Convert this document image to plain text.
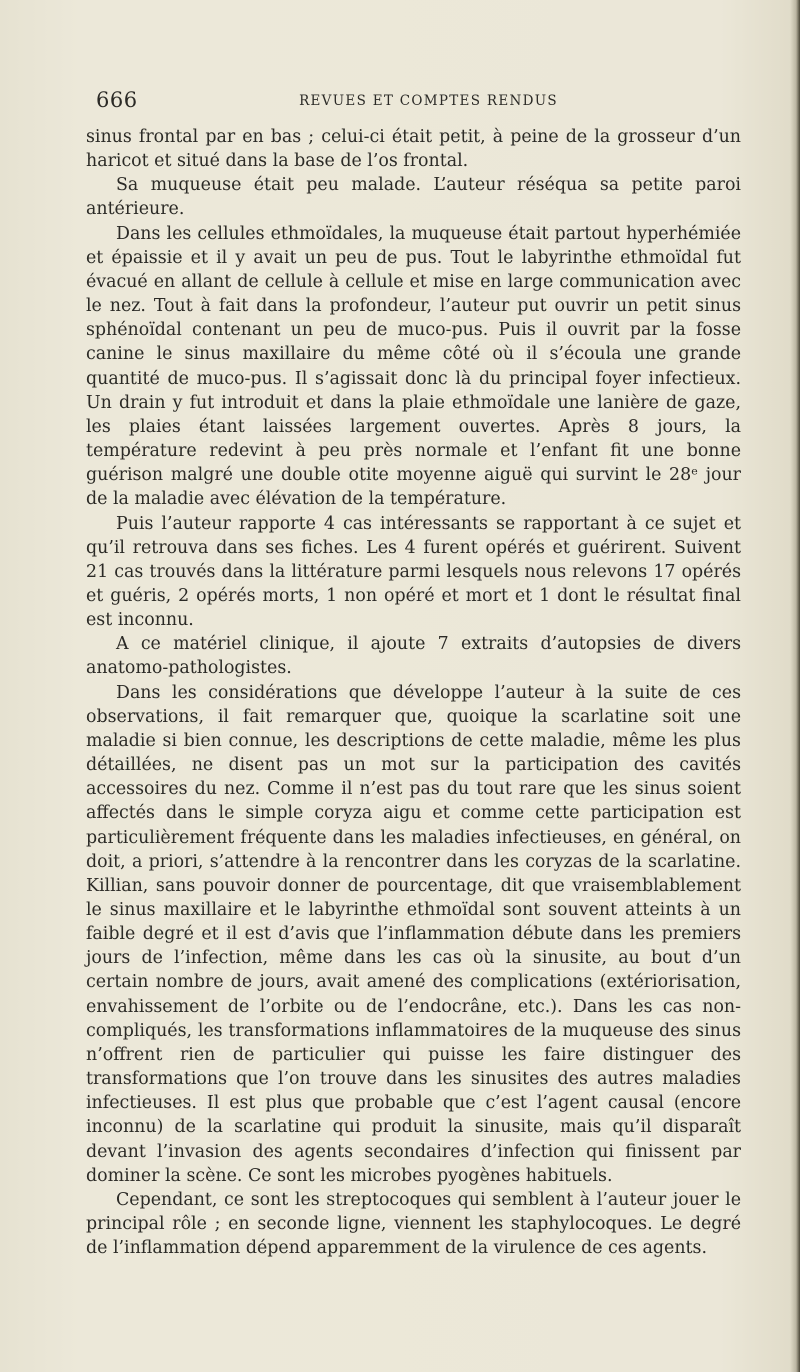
666	REVUES ET COMPTES RENDUS

sinus frontal par en bas ; celui-ci était petit, à peine de la grosseur d’un haricot et situé dans la base de l’os frontal.

Sa muqueuse était peu malade. L’auteur réséqua sa petite paroi antérieure.

Dans les cellules ethmoïdales, la muqueuse était partout hyperhémiée et épaissie et il y avait un peu de pus. Tout le labyrinthe ethmoïdal fut évacué en allant de cellule à cellule et mise en large communication avec le nez. Tout à fait dans la profondeur, l’auteur put ouvrir un petit sinus sphénoïdal contenant un peu de muco-pus. Puis il ouvrit par la fosse canine le sinus maxillaire du même côté où il s’écoula une grande quantité de muco-pus. Il s’agissait donc là du principal foyer infectieux. Un drain y fut introduit et dans la plaie ethmoïdale une lanière de gaze, les plaies étant laissées largement ouvertes. Après 8 jours, la température redevint à peu près normale et l’enfant fit une bonne guérison malgré une double otite moyenne aiguë qui survint le 28ᵉ jour de la maladie avec élévation de la température.

Puis l’auteur rapporte 4 cas intéressants se rapportant à ce sujet et qu’il retrouva dans ses fiches. Les 4 furent opérés et guérirent. Suivent 21 cas trouvés dans la littérature parmi lesquels nous relevons 17 opérés et guéris, 2 opérés morts, 1 non opéré et mort et 1 dont le résultat final est inconnu.

A ce matériel clinique, il ajoute 7 extraits d’autopsies de divers anatomo-pathologistes.

Dans les considérations que développe l’auteur à la suite de ces observations, il fait remarquer que, quoique la scarlatine soit une maladie si bien connue, les descriptions de cette maladie, même les plus détaillées, ne disent pas un mot sur la participation des cavités accessoires du nez. Comme il n’est pas du tout rare que les sinus soient affectés dans le simple coryza aigu et comme cette participation est particulièrement fréquente dans les maladies infectieuses, en général, on doit, a priori, s’attendre à la rencontrer dans les coryzas de la scarlatine. Killian, sans pouvoir donner de pourcentage, dit que vraisemblablement le sinus maxillaire et le labyrinthe ethmoïdal sont souvent atteints à un faible degré et il est d’avis que l’inflammation débute dans les premiers jours de l’infection, même dans les cas où la sinusite, au bout d’un certain nombre de jours, avait amené des complications (extériorisation, envahissement de l’orbite ou de l’endocrâne, etc.). Dans les cas non-compliqués, les transformations inflammatoires de la muqueuse des sinus n’offrent rien de particulier qui puisse les faire distinguer des transformations que l’on trouve dans les sinusites des autres maladies infectieuses. Il est plus que probable que c’est l’agent causal (encore inconnu) de la scarlatine qui produit la sinusite, mais qu’il disparaît devant l’invasion des agents secondaires d’infection qui finissent par dominer la scène. Ce sont les microbes pyogènes habituels.

Cependant, ce sont les streptocoques qui semblent à l’auteur jouer le principal rôle ; en seconde ligne, viennent les staphylocoques. Le degré de l’inflammation dépend apparemment de la virulence de ces agents.
